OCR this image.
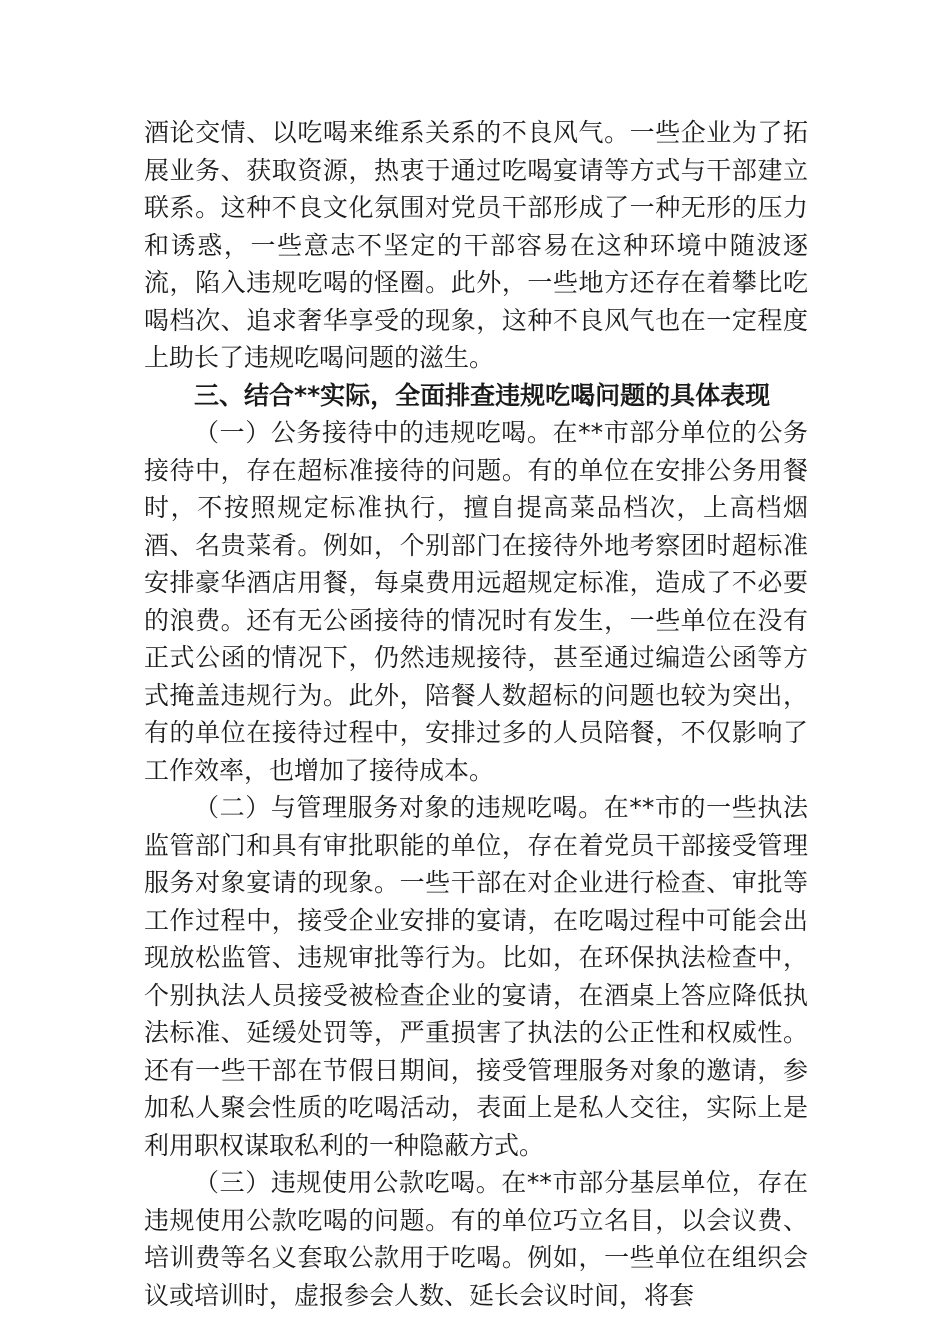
酒论交情、以吃喝来维系关系的不良风气。一些企业为了拓展业务、获取资源，热衷于通过吃喝宴请等方式与干部建立联系。这种不良文化氛围对党员干部形成了一种无形的压力和诱惑，一些意志不坚定的干部容易在这种环境中随波逐流，陷入违规吃喝的怪圈。此外，一些地方还存在着攀比吃喝档次、追求奢华享受的现象，这种不良风气也在一定程度上助长了违规吃喝问题的滋生。

三、结合**实际，全面排查违规吃喝问题的具体表现

（一）公务接待中的违规吃喝。在**市部分单位的公务接待中，存在超标准接待的问题。有的单位在安排公务用餐时，不按照规定标准执行，擅自提高菜品档次，上高档烟酒、名贵菜肴。例如，个别部门在接待外地考察团时超标准安排豪华酒店用餐，每桌费用远超规定标准，造成了不必要的浪费。还有无公函接待的情况时有发生，一些单位在没有正式公函的情况下，仍然违规接待，甚至通过编造公函等方式掩盖违规行为。此外，陪餐人数超标的问题也较为突出，有的单位在接待过程中，安排过多的人员陪餐，不仅影响了工作效率，也增加了接待成本。

（二）与管理服务对象的违规吃喝。在**市的一些执法监管部门和具有审批职能的单位，存在着党员干部接受管理服务对象宴请的现象。一些干部在对企业进行检查、审批等工作过程中，接受企业安排的宴请，在吃喝过程中可能会出现放松监管、违规审批等行为。比如，在环保执法检查中，个别执法人员接受被检查企业的宴请，在酒桌上答应降低执法标准、延缓处罚等，严重损害了执法的公正性和权威性。还有一些干部在节假日期间，接受管理服务对象的邀请，参加私人聚会性质的吃喝活动，表面上是私人交往，实际上是利用职权谋取私利的一种隐蔽方式。

（三）违规使用公款吃喝。在**市部分基层单位，存在违规使用公款吃喝的问题。有的单位巧立名目，以会议费、培训费等名义套取公款用于吃喝。例如，一些单位在组织会议或培训时，虚报参会人数、延长会议时间，将套
